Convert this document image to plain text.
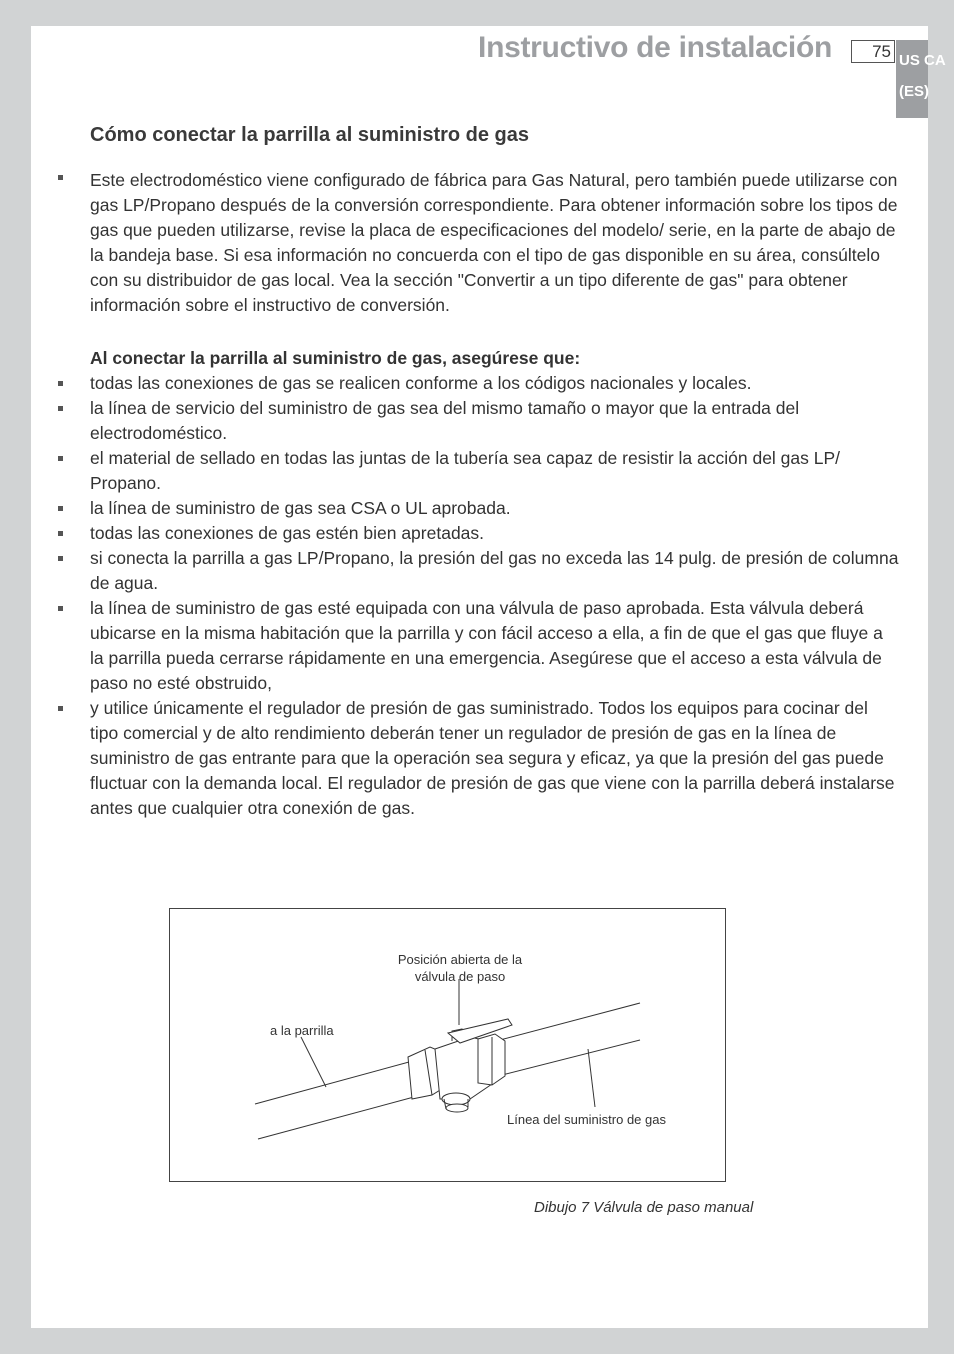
Instructivo de instalación	75 US CA
(ES)
Cómo conectar la parrilla al suministro de gas
Este electrodoméstico viene configurado de fábrica para Gas Natural, pero también puede utilizarse con gas LP/Propano después de la conversión correspondiente. Para obtener información sobre los tipos de gas que pueden utilizarse, revise la placa de especificaciones del modelo/ serie, en la parte de abajo de la bandeja base. Si esa información no concuerda con el tipo de gas disponible en su área, consúltelo con su distribuidor de gas local. Vea la sección "Convertir a un tipo diferente de gas" para obtener información sobre el instructivo de conversión.
Al conectar la parrilla al suministro de gas, asegúrese que:
todas las conexiones de gas se realicen conforme a los códigos nacionales y locales.
la línea de servicio del suministro de gas sea del mismo tamaño o mayor que la entrada del electrodoméstico.
el material de sellado en todas las juntas de la tubería sea capaz de resistir la acción del gas LP/ Propano.
la línea de suministro de gas sea CSA o UL aprobada.
todas las conexiones de gas estén bien apretadas.
si conecta la parrilla a gas LP/Propano, la presión del gas no exceda las 14 pulg. de presión de columna de agua.
la línea de suministro de gas esté equipada con una válvula de paso aprobada. Esta válvula deberá ubicarse en la misma habitación que la parrilla y con fácil acceso a ella, a fin de que el gas que fluye a la parrilla pueda cerrarse rápidamente en una emergencia. Asegúrese que el acceso a esta válvula de paso no esté obstruido,
y utilice únicamente el regulador de presión de gas suministrado. Todos los equipos para cocinar del tipo comercial y de alto rendimiento deberán tener un regulador de presión de gas en la línea de suministro de gas entrante para que la operación sea segura y eficaz, ya que la presión del gas puede fluctuar con la demanda local. El regulador de presión de gas que viene con la parrilla deberá instalarse antes que cualquier otra conexión de gas.
Posición abierta de la
válvula de paso
a la parrilla
Línea del suministro de gas
Dibujo 7 Válvula de paso manual
